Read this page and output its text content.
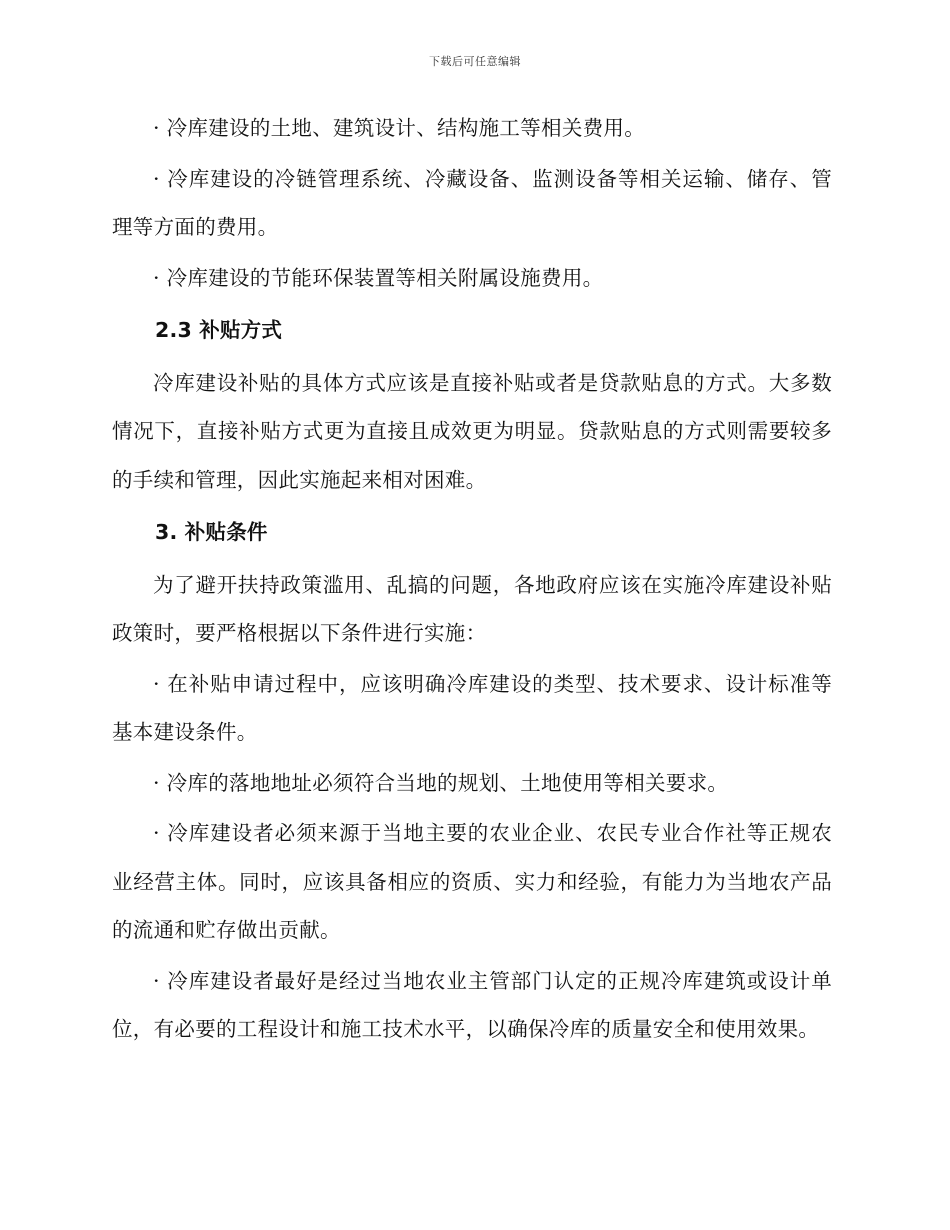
下载后可任意编辑

· 冷库建设的土地、建筑设计、结构施工等相关费用。

· 冷库建设的冷链管理系统、冷藏设备、监测设备等相关运输、储存、管理等方面的费用。

· 冷库建设的节能环保装置等相关附属设施费用。

2.3 补贴方式

冷库建设补贴的具体方式应该是直接补贴或者是贷款贴息的方式。大多数情况下，直接补贴方式更为直接且成效更为明显。贷款贴息的方式则需要较多的手续和管理，因此实施起来相对困难。

3. 补贴条件

为了避开扶持政策滥用、乱搞的问题，各地政府应该在实施冷库建设补贴政策时，要严格根据以下条件进行实施：

· 在补贴申请过程中，应该明确冷库建设的类型、技术要求、设计标准等基本建设条件。

· 冷库的落地地址必须符合当地的规划、土地使用等相关要求。

· 冷库建设者必须来源于当地主要的农业企业、农民专业合作社等正规农业经营主体。同时，应该具备相应的资质、实力和经验，有能力为当地农产品的流通和贮存做出贡献。

· 冷库建设者最好是经过当地农业主管部门认定的正规冷库建筑或设计单位，有必要的工程设计和施工技术水平，以确保冷库的质量安全和使用效果。
